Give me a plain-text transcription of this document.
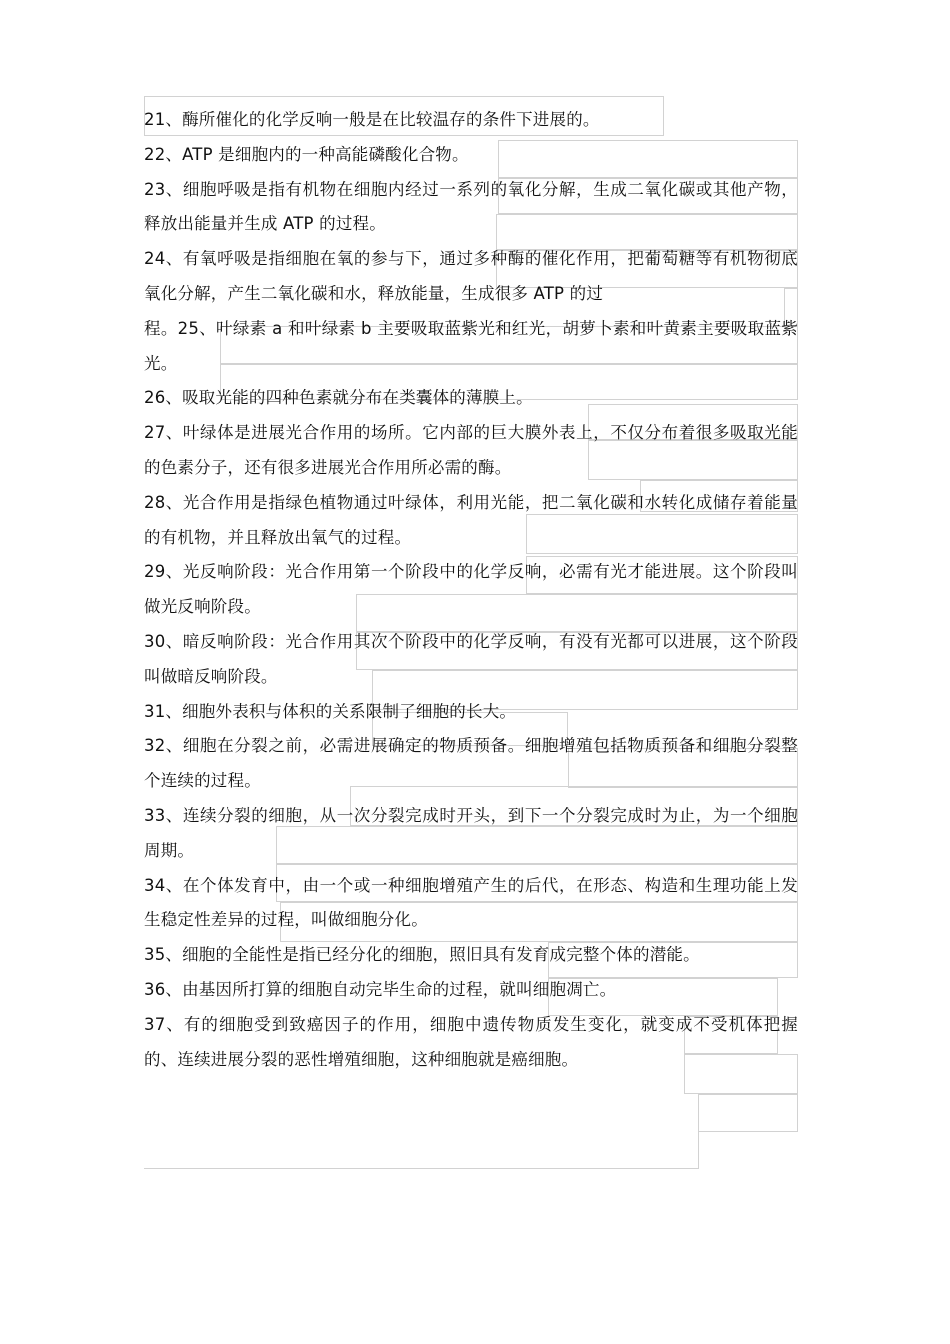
21、酶所催化的化学反响一般是在比较温存的条件下进展的。

22、ATP 是细胞内的一种高能磷酸化合物。

23、细胞呼吸是指有机物在细胞内经过一系列的氧化分解，生成二氧化碳或其他产物，释放出能量并生成 ATP 的过程。

24、有氧呼吸是指细胞在氧的参与下，通过多种酶的催化作用，把葡萄糖等有机物彻底氧化分解，产生二氧化碳和水，释放能量，生成很多 ATP 的过

程。25、叶绿素 a 和叶绿素 b 主要吸取蓝紫光和红光，胡萝卜素和叶黄素主要吸取蓝紫光。

26、吸取光能的四种色素就分布在类囊体的薄膜上。

27、叶绿体是进展光合作用的场所。它内部的巨大膜外表上，不仅分布着很多吸取光能的色素分子，还有很多进展光合作用所必需的酶。

28、光合作用是指绿色植物通过叶绿体，利用光能，把二氧化碳和水转化成储存着能量的有机物，并且释放出氧气的过程。

29、光反响阶段：光合作用第一个阶段中的化学反响，必需有光才能进展。这个阶段叫做光反响阶段。

30、暗反响阶段：光合作用其次个阶段中的化学反响，有没有光都可以进展，这个阶段叫做暗反响阶段。

31、细胞外表积与体积的关系限制了细胞的长大。

32、细胞在分裂之前，必需进展确定的物质预备。细胞增殖包括物质预备和细胞分裂整个连续的过程。

33、连续分裂的细胞，从一次分裂完成时开头，到下一个分裂完成时为止，为一个细胞周期。

34、在个体发育中，由一个或一种细胞增殖产生的后代，在形态、构造和生理功能上发生稳定性差异的过程，叫做细胞分化。

35、细胞的全能性是指已经分化的细胞，照旧具有发育成完整个体的潜能。

36、由基因所打算的细胞自动完毕生命的过程，就叫细胞凋亡。

37、有的细胞受到致癌因子的作用，细胞中遗传物质发生变化，就变成不受机体把握的、连续进展分裂的恶性增殖细胞，这种细胞就是癌细胞。
